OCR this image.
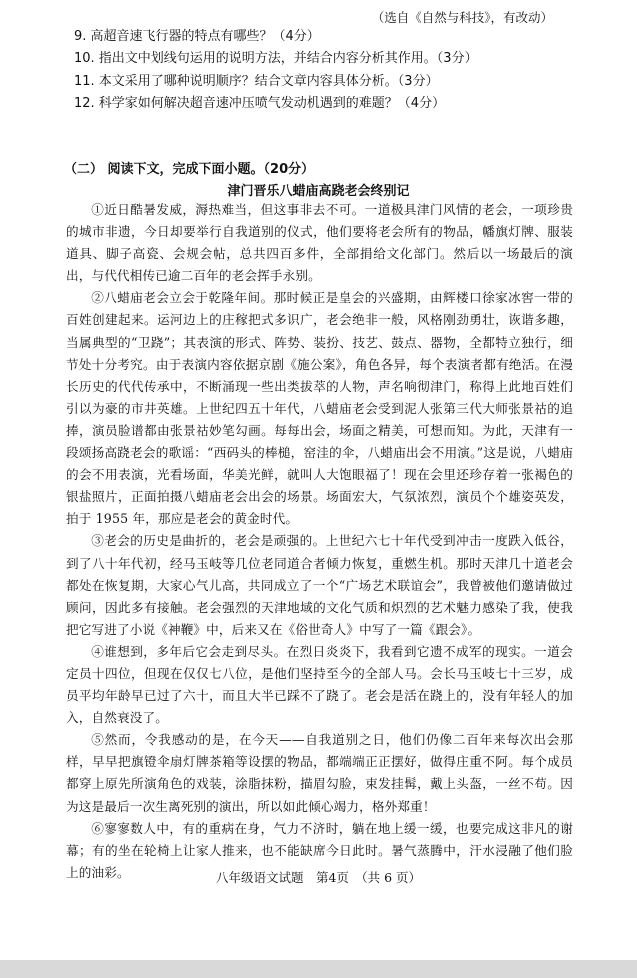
（选自《自然与科技》，有改动）
9. 高超音速飞行器的特点有哪些？（4分）
10. 指出文中划线句运用的说明方法，并结合内容分析其作用。（3分）
11. 本文采用了哪种说明顺序？结合文章内容具体分析。（3分）
12. 科学家如何解决超音速冲压喷气发动机遇到的难题？（4分）
（二） 阅读下文，完成下面小题。（20分）
津门晋乐八蜡庙高跷老会终别记

①近日酷暑发威，溽热难当，但这事非去不可。一道极具津门风情的老会，一项珍贵的城市非遗，今日却要举行自我道别的仪式，他们要将老会所有的物品，幡旗灯牌、服装道具、脚子高瓷、会规会帖，总共四百多件，全部捐给文化部门。然后以一场最后的演出，与代代相传已逾二百年的老会挥手永别。

②八蜡庙老会立会于乾隆年间。那时候正是皇会的兴盛期，由辉楼口徐家冰窖一带的百姓创建起来。运河边上的庄稼把式多识广，老会绝非一般，风格刚劲勇壮，诙谐多趣，当属典型的“卫跷”；其表演的形式、阵势、装扮、技艺、鼓点、器物，全都特立独行，细节处十分考究。由于表演内容依据京剧《施公案》，角色各异，每个表演者都有绝活。在漫长历史的代代传承中，不断涌现一些出类拔萃的人物，声名响彻津门，称得上此地百姓们引以为豪的市井英雄。上世纪四五十年代，八蜡庙老会受到泥人张第三代大师张景祜的追捧，演员脸谱都由张景祜妙笔勾画。每每出会，场面之精美，可想而知。为此，天津有一段颂扬高跷老会的歌谣：“西码头的棒槌，窑洼的伞，八蜡庙出会不用演。”这是说，八蜡庙的会不用表演，光看场面，华美光鲜，就叫人大饱眼福了！现在会里还珍存着一张褐色的银盐照片，正面拍摄八蜡庙老会出会的场景。场面宏大，气氛浓烈，演员个个雄姿英发，拍于 1955 年，那应是老会的黄金时代。

③老会的历史是曲折的，老会是顽强的。上世纪六七十年代受到冲击一度跌入低谷，到了八十年代初，经马玉岐等几位老同道合者倾力恢复，重燃生机。那时天津几十道老会都处在恢复期，大家心气儿高，共同成立了一个“广场艺术联谊会”，我曾被他们邀请做过顾问，因此多有接触。老会强烈的天津地域的文化气质和炽烈的艺术魅力感染了我，使我把它写进了小说《神鞭》中，后来又在《俗世奇人》中写了一篇《跟会》。

④谁想到，多年后它会走到尽头。在烈日炎炎下，我看到它遗不成军的现实。一道会定员十四位，但现在仅仅七八位，是他们坚持至今的全部人马。会长马玉岐七十三岁，成员平均年龄早已过了六十，而且大半已踩不了跷了。老会是活在跷上的，没有年轻人的加入，自然衰没了。

⑤然而，令我感动的是，在今天——自我道别之日，他们仍像二百年来每次出会那样，早早把旗镫伞扇灯牌茶箱等设摆的物品，都端端正正摆好，做得庄重不阿。每个成员都穿上原先所演角色的戏装，涂脂抹粉，描眉勾脸，束发挂髯，戴上头盔，一丝不苟。因为这是最后一次生离死别的演出，所以如此倾心竭力，格外郑重！

⑥寥寥数人中，有的重病在身，气力不济时，躺在地上缓一缓，也要完成这非凡的谢幕；有的坐在轮椅上让家人推来，也不能缺席今日此时。暑气蒸腾中，汗水浸融了他们脸上的油彩。	八年级语文试题　第4页　（共 6 页）
